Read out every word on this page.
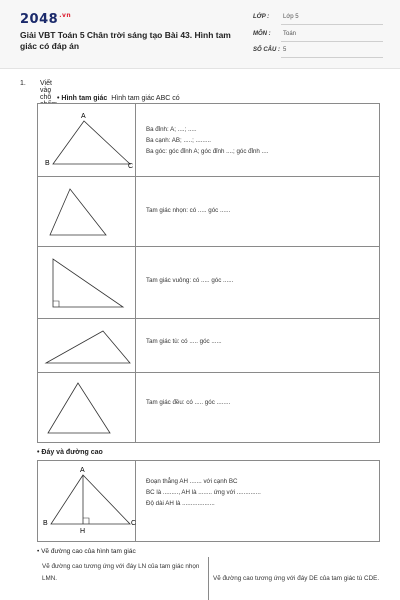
$2048^{.vn}$
Giải VBT Toán 5 Chân trời sáng tạo Bài 43. Hình tam giác có đáp án
LỚP : Lớp 5
MÔN : Toán
SỐ CÂU : 5
1. Viết vào chỗ • Hình tam giác Hình tam giác ABC có
A
B	C
Ba đỉnh: A; ....; .....
Ba cạnh: AB; .....; .........
Ba góc: góc đỉnh A; góc đỉnh ....; góc đỉnh ....
Tam giác nhọn: có ..... góc ......
Tam giác vuông: có ..... góc ......
Tam giác tù: có ..... góc ......
Tam giác đều: có ..... góc ........
• Đáy và đường cao
A
B	C
H
Đoạn thẳng AH ....... với cạnh BC
BC là ........., AH là ........ ứng với ..............
Độ dài AH là ...................
• Vẽ đường cao của hình tam giác
Vẽ đường cao tương ứng với đáy LN của tam giác nhọn LMN.	Vẽ đường cao tương ứng với đáy DE của tam giác tù CDE.
